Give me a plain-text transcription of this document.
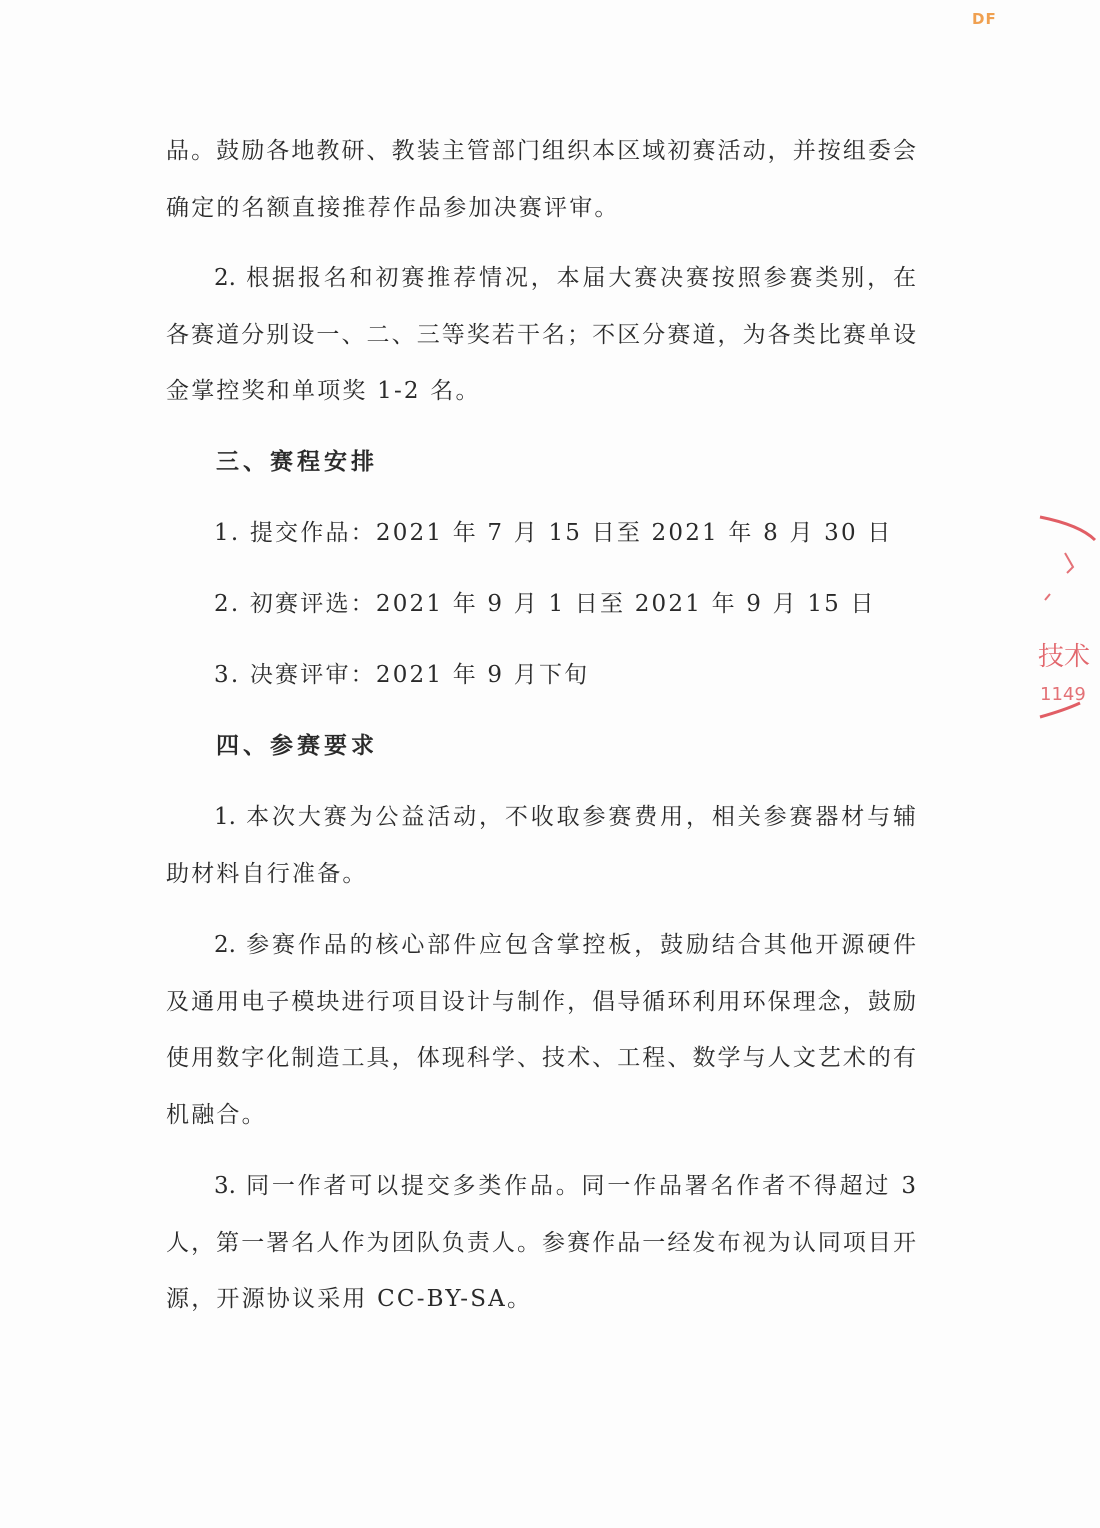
DF
品。鼓励各地教研、教装主管部门组织本区域初赛活动，并按组委会
确定的名额直接推荐作品参加决赛评审。
2. 根据报名和初赛推荐情况，本届大赛决赛按照参赛类别，在
各赛道分别设一、二、三等奖若干名；不区分赛道，为各类比赛单设
金掌控奖和单项奖 1-2 名。
三、赛程安排
1. 提交作品：2021 年 7 月 15 日至 2021 年 8 月 30 日
2. 初赛评选：2021 年 9 月 1 日至 2021 年 9 月 15 日
3. 决赛评审：2021 年 9 月下旬
四、参赛要求
1. 本次大赛为公益活动，不收取参赛费用，相关参赛器材与辅
助材料自行准备。
2. 参赛作品的核心部件应包含掌控板，鼓励结合其他开源硬件
及通用电子模块进行项目设计与制作，倡导循环利用环保理念，鼓励
使用数字化制造工具，体现科学、技术、工程、数学与人文艺术的有
机融合。
3. 同一作者可以提交多类作品。同一作品署名作者不得超过 3
人，第一署名人作为团队负责人。参赛作品一经发布视为认同项目开
源，开源协议采用 CC-BY-SA。
技术
1149
